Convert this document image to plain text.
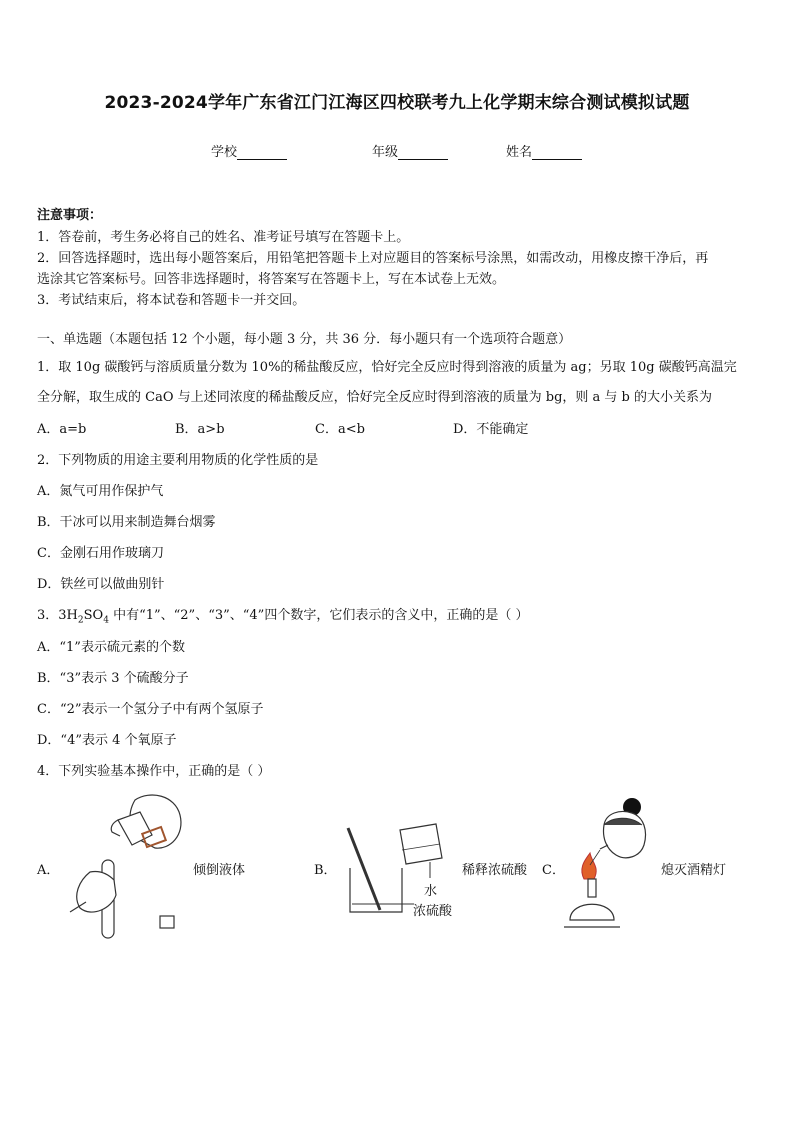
2023-2024学年广东省江门江海区四校联考九上化学期末综合测试模拟试题
学校	年级	姓名
注意事项：
1．答卷前，考生务必将自己的姓名、准考证号填写在答题卡上。
2．回答选择题时，选出每小题答案后，用铅笔把答题卡上对应题目的答案标号涂黑，如需改动，用橡皮擦干净后，再
选涂其它答案标号。回答非选择题时，将答案写在答题卡上，写在本试卷上无效。
3．考试结束后，将本试卷和答题卡一并交回。
一、单选题（本题包括 12 个小题，每小题 3 分，共 36 分．每小题只有一个选项符合题意）
1．取 10g 碳酸钙与溶质质量分数为 10%的稀盐酸反应，恰好完全反应时得到溶液的质量为 ag；另取 10g 碳酸钙高温完
全分解，取生成的 CaO 与上述同浓度的稀盐酸反应，恰好完全反应时得到溶液的质量为 bg，则 a 与 b 的大小关系为
A．a=b	B．a>b	C．a<b	D．不能确定
2．下列物质的用途主要利用物质的化学性质的是
A．氮气可用作保护气
B．干冰可以用来制造舞台烟雾
C．金刚石用作玻璃刀
D．铁丝可以做曲别针
3．$3H_2SO_4$ 中有“1”、“2”、“3”、“4”四个数字，它们表示的含义中，正确的是（ ）
A．“1”表示硫元素的个数
B．“3”表示 3 个硫酸分子
C．“2”表示一个氢分子中有两个氢原子
D．“4”表示 4 个氧原子
4．下列实验基本操作中，正确的是（ ）
A．	倾倒液体	B．
水
浓硫酸
稀释浓硫酸 C．	熄灭酒精灯
